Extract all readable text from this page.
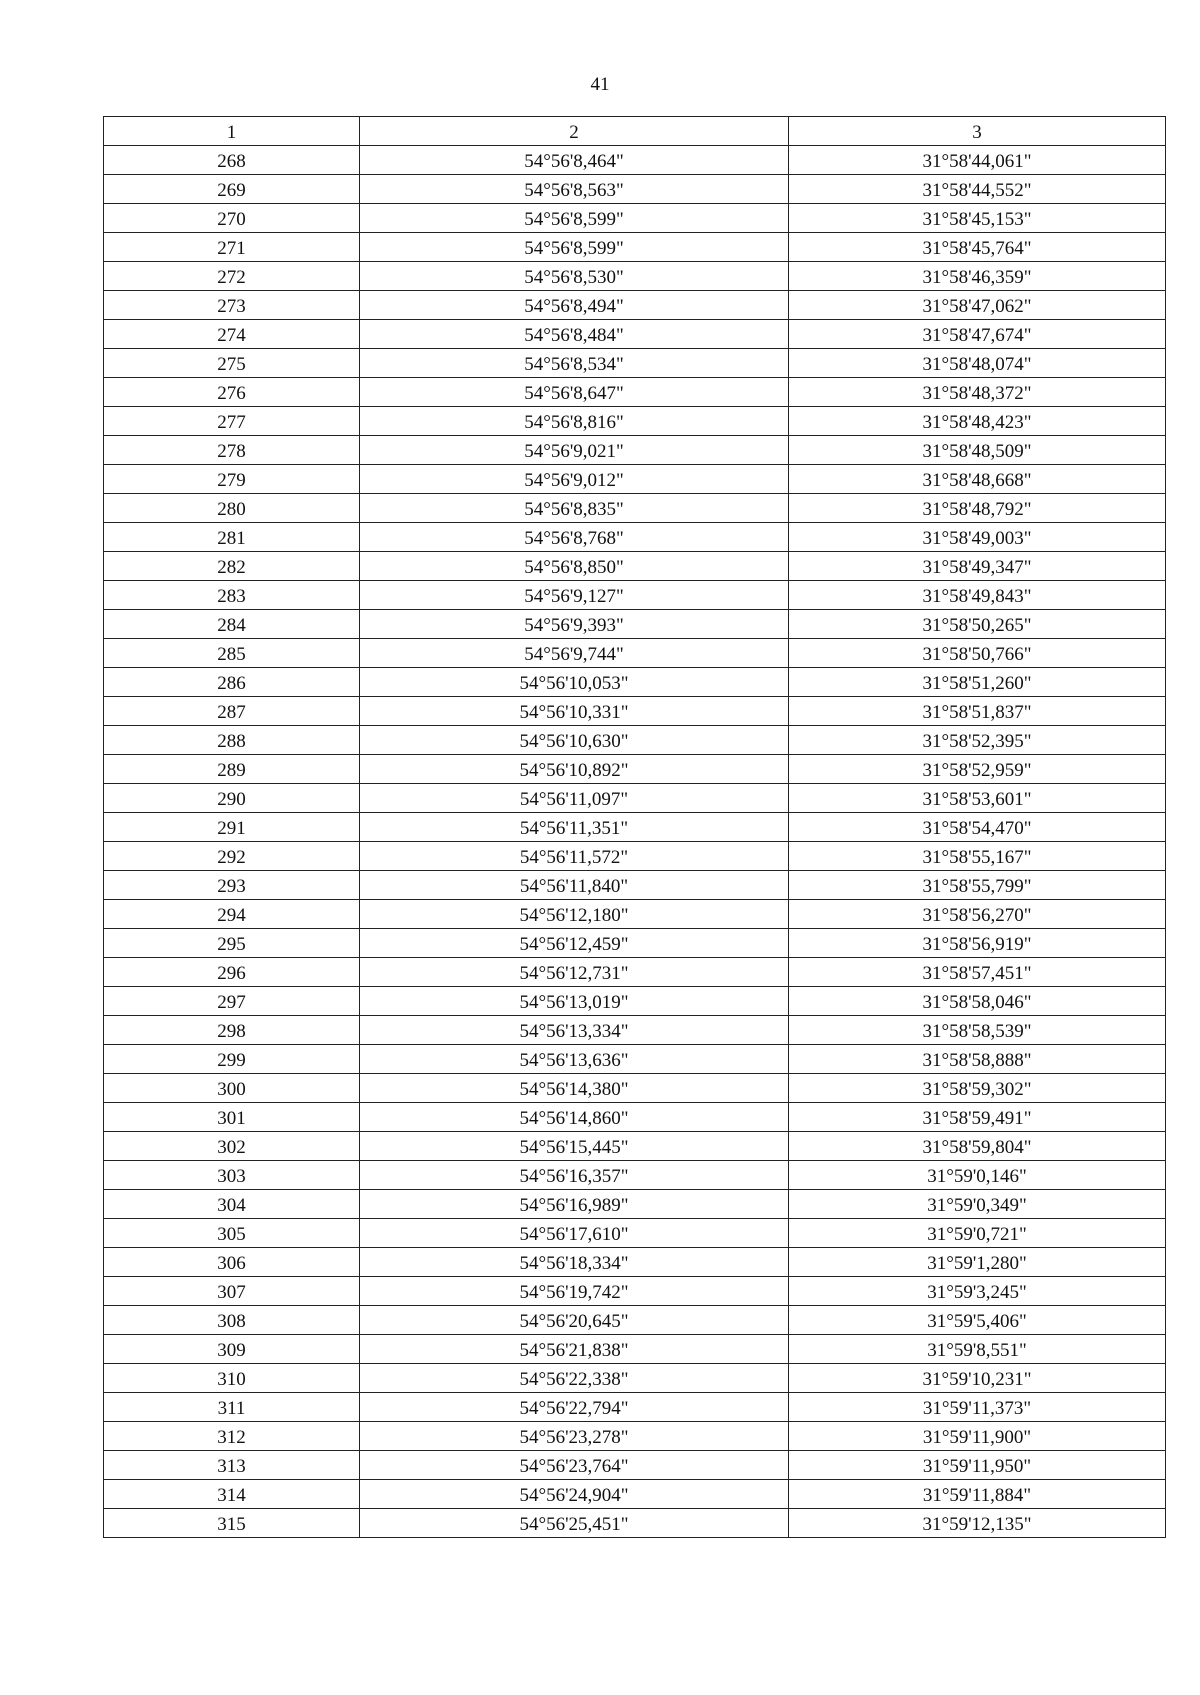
41
1	2	3
268	54°56'8,464"	31°58'44,061"
269	54°56'8,563"	31°58'44,552"
270	54°56'8,599"	31°58'45,153"
271	54°56'8,599"	31°58'45,764"
272	54°56'8,530"	31°58'46,359"
273	54°56'8,494"	31°58'47,062"
274	54°56'8,484"	31°58'47,674"
275	54°56'8,534"	31°58'48,074"
276	54°56'8,647"	31°58'48,372"
277	54°56'8,816"	31°58'48,423"
278	54°56'9,021"	31°58'48,509"
279	54°56'9,012"	31°58'48,668"
280	54°56'8,835"	31°58'48,792"
281	54°56'8,768"	31°58'49,003"
282	54°56'8,850"	31°58'49,347"
283	54°56'9,127"	31°58'49,843"
284	54°56'9,393"	31°58'50,265"
285	54°56'9,744"	31°58'50,766"
286	54°56'10,053"	31°58'51,260"
287	54°56'10,331"	31°58'51,837"
288	54°56'10,630"	31°58'52,395"
289	54°56'10,892"	31°58'52,959"
290	54°56'11,097"	31°58'53,601"
291	54°56'11,351"	31°58'54,470"
292	54°56'11,572"	31°58'55,167"
293	54°56'11,840"	31°58'55,799"
294	54°56'12,180"	31°58'56,270"
295	54°56'12,459"	31°58'56,919"
296	54°56'12,731"	31°58'57,451"
297	54°56'13,019"	31°58'58,046"
298	54°56'13,334"	31°58'58,539"
299	54°56'13,636"	31°58'58,888"
300	54°56'14,380"	31°58'59,302"
301	54°56'14,860"	31°58'59,491"
302	54°56'15,445"	31°58'59,804"
303	54°56'16,357"	31°59'0,146"
304	54°56'16,989"	31°59'0,349"
305	54°56'17,610"	31°59'0,721"
306	54°56'18,334"	31°59'1,280"
307	54°56'19,742"	31°59'3,245"
308	54°56'20,645"	31°59'5,406"
309	54°56'21,838"	31°59'8,551"
310	54°56'22,338"	31°59'10,231"
311	54°56'22,794"	31°59'11,373"
312	54°56'23,278"	31°59'11,900"
313	54°56'23,764"	31°59'11,950"
314	54°56'24,904"	31°59'11,884"
315	54°56'25,451"	31°59'12,135"
